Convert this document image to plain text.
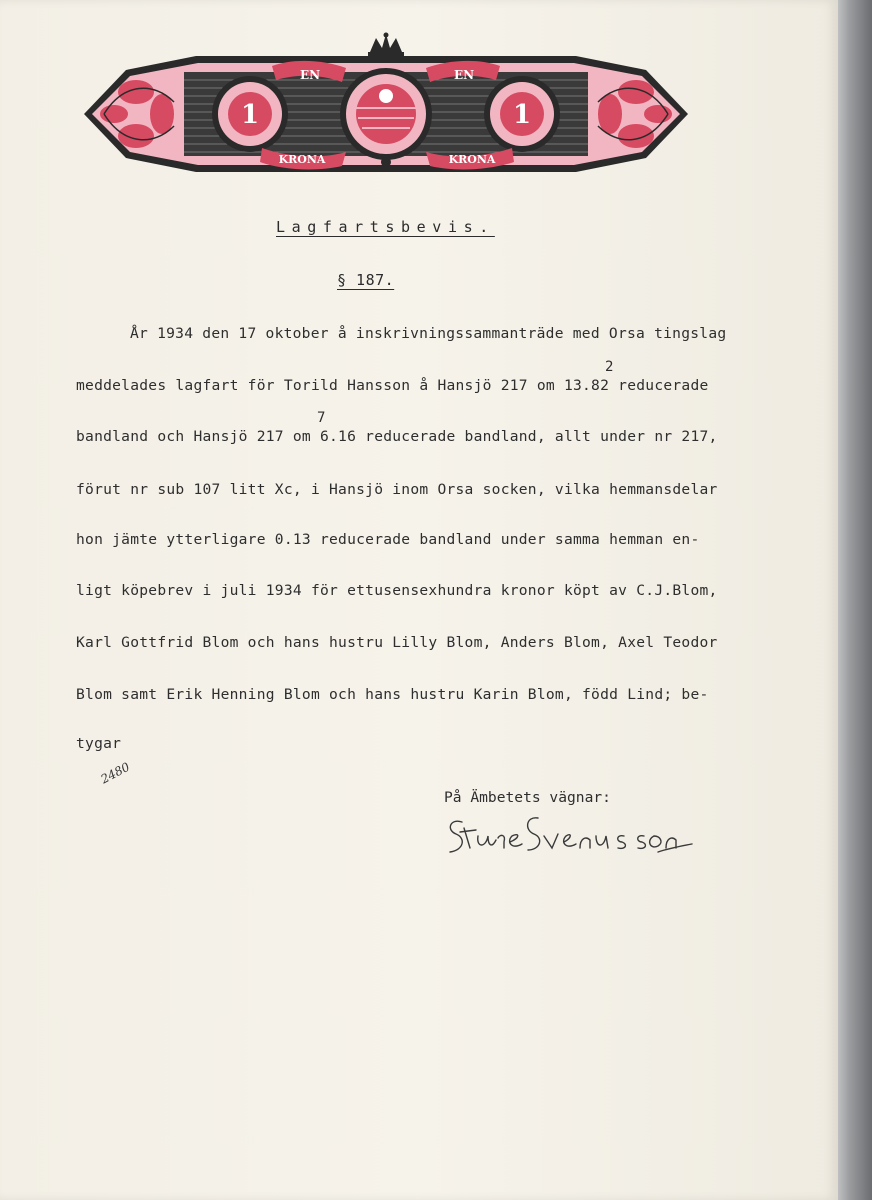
1	1
EN	EN
KRONA	KRONA
Lagfartsbevis.
§ 187.
År 1934 den 17 oktober å inskrivningssammanträde med Orsa tingslag
meddelades lagfart för Torild Hansson å Hansjö 217 om 13.82 reducerade
2
bandland och Hansjö 217 om 6.16 reducerade bandland, allt under nr 217,
7
förut nr sub 107 litt Xc, i Hansjö inom Orsa socken, vilka hemmansdelar
hon jämte ytterligare 0.13 reducerade bandland under samma hemman en-
ligt köpebrev i juli 1934 för ettusensexhundra kronor köpt av C.J.Blom,
Karl Gottfrid Blom och hans hustru Lilly Blom, Anders Blom, Axel Teodor
Blom samt Erik Henning Blom och hans hustru Karin Blom, född Lind; be-
tygar
2480
På Ämbetets vägnar:
Sture Svensson
